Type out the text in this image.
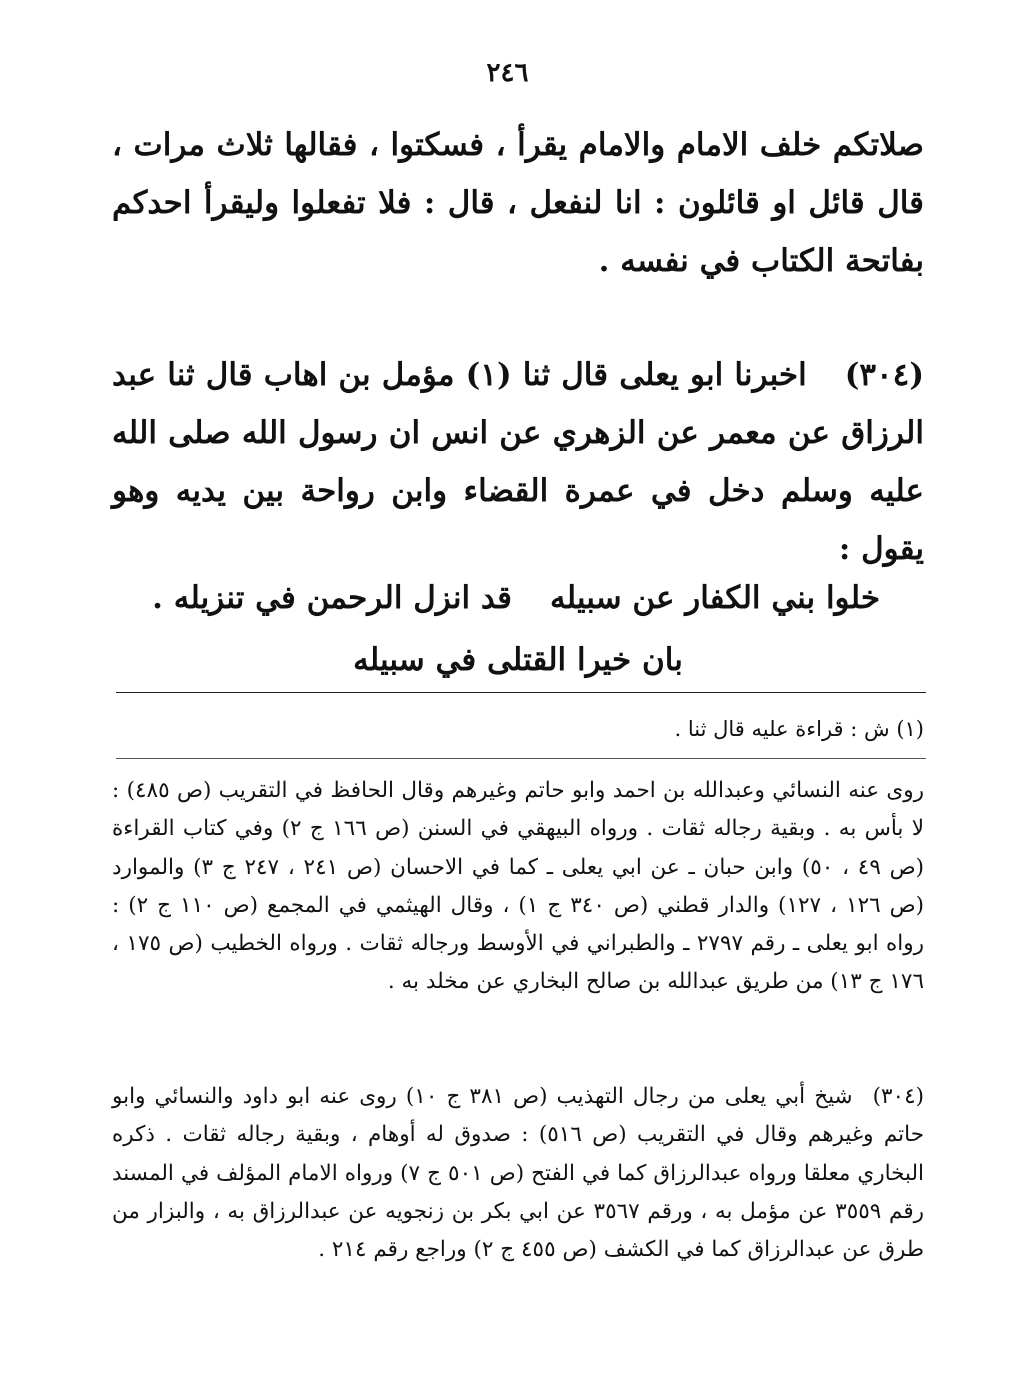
٢٤٦

صلاتكم خلف الامام والامام يقرأ ، فسكتوا ، فقالها ثلاث مرات ، قال قائل او قائلون : انا لنفعل ، قال : فلا تفعلوا وليقرأ احدكم بفاتحة الكتاب في نفسه .

(٣٠٤)اخبرنا ابو يعلى قال ثنا (١) مؤمل بن اهاب قال ثنا عبد الرزاق عن معمر عن الزهري عن انس ان رسول الله صلى الله عليه وسلم دخل في عمرة القضاء وابن رواحة بين يديه وهو يقول :

خلوا بني الكفار عن سبيله
قد انزل الرحمن في تنزيله .
بان خيرا القتلى في سبيله
(١) ش : قراءة عليه قال ثنا .

روى عنه النسائي وعبدالله بن احمد وابو حاتم وغيرهم وقال الحافظ في التقريب (ص ٤٨٥) : لا بأس به . وبقية رجاله ثقات . ورواه البيهقي في السنن (ص ١٦٦ ج ٢) وفي كتاب القراءة (ص ٤٩ ، ٥٠) وابن حبان ـ عن ابي يعلى ـ كما في الاحسان (ص ٢٤١ ، ٢٤٧ ج ٣) والموارد (ص ١٢٦ ، ١٢٧) والدار قطني (ص ٣٤٠ ج ١) ، وقال الهيثمي في المجمع (ص ١١٠ ج ٢) : رواه ابو يعلى ـ رقم ٢٧٩٧ ـ والطبراني في الأوسط ورجاله ثقات . ورواه الخطيب (ص ١٧٥ ، ١٧٦ ج ١٣) من طريق عبدالله بن صالح البخاري عن مخلد به .

(٣٠٤)شيخ أبي يعلى من رجال التهذيب (ص ٣٨١ ج ١٠) روى عنه ابو داود والنسائي وابو حاتم وغيرهم وقال في التقريب (ص ٥١٦) : صدوق له أوهام ، وبقية رجاله ثقات . ذكره البخاري معلقا ورواه عبدالرزاق كما في الفتح (ص ٥٠١ ج ٧) ورواه الامام المؤلف في المسند رقم ٣٥٥٩ عن مؤمل به ، ورقم ٣٥٦٧ عن ابي بكر بن زنجويه عن عبدالرزاق به ، والبزار من طرق عن عبدالرزاق كما في الكشف (ص ٤٥٥ ج ٢) وراجع رقم ٢١٤ .
